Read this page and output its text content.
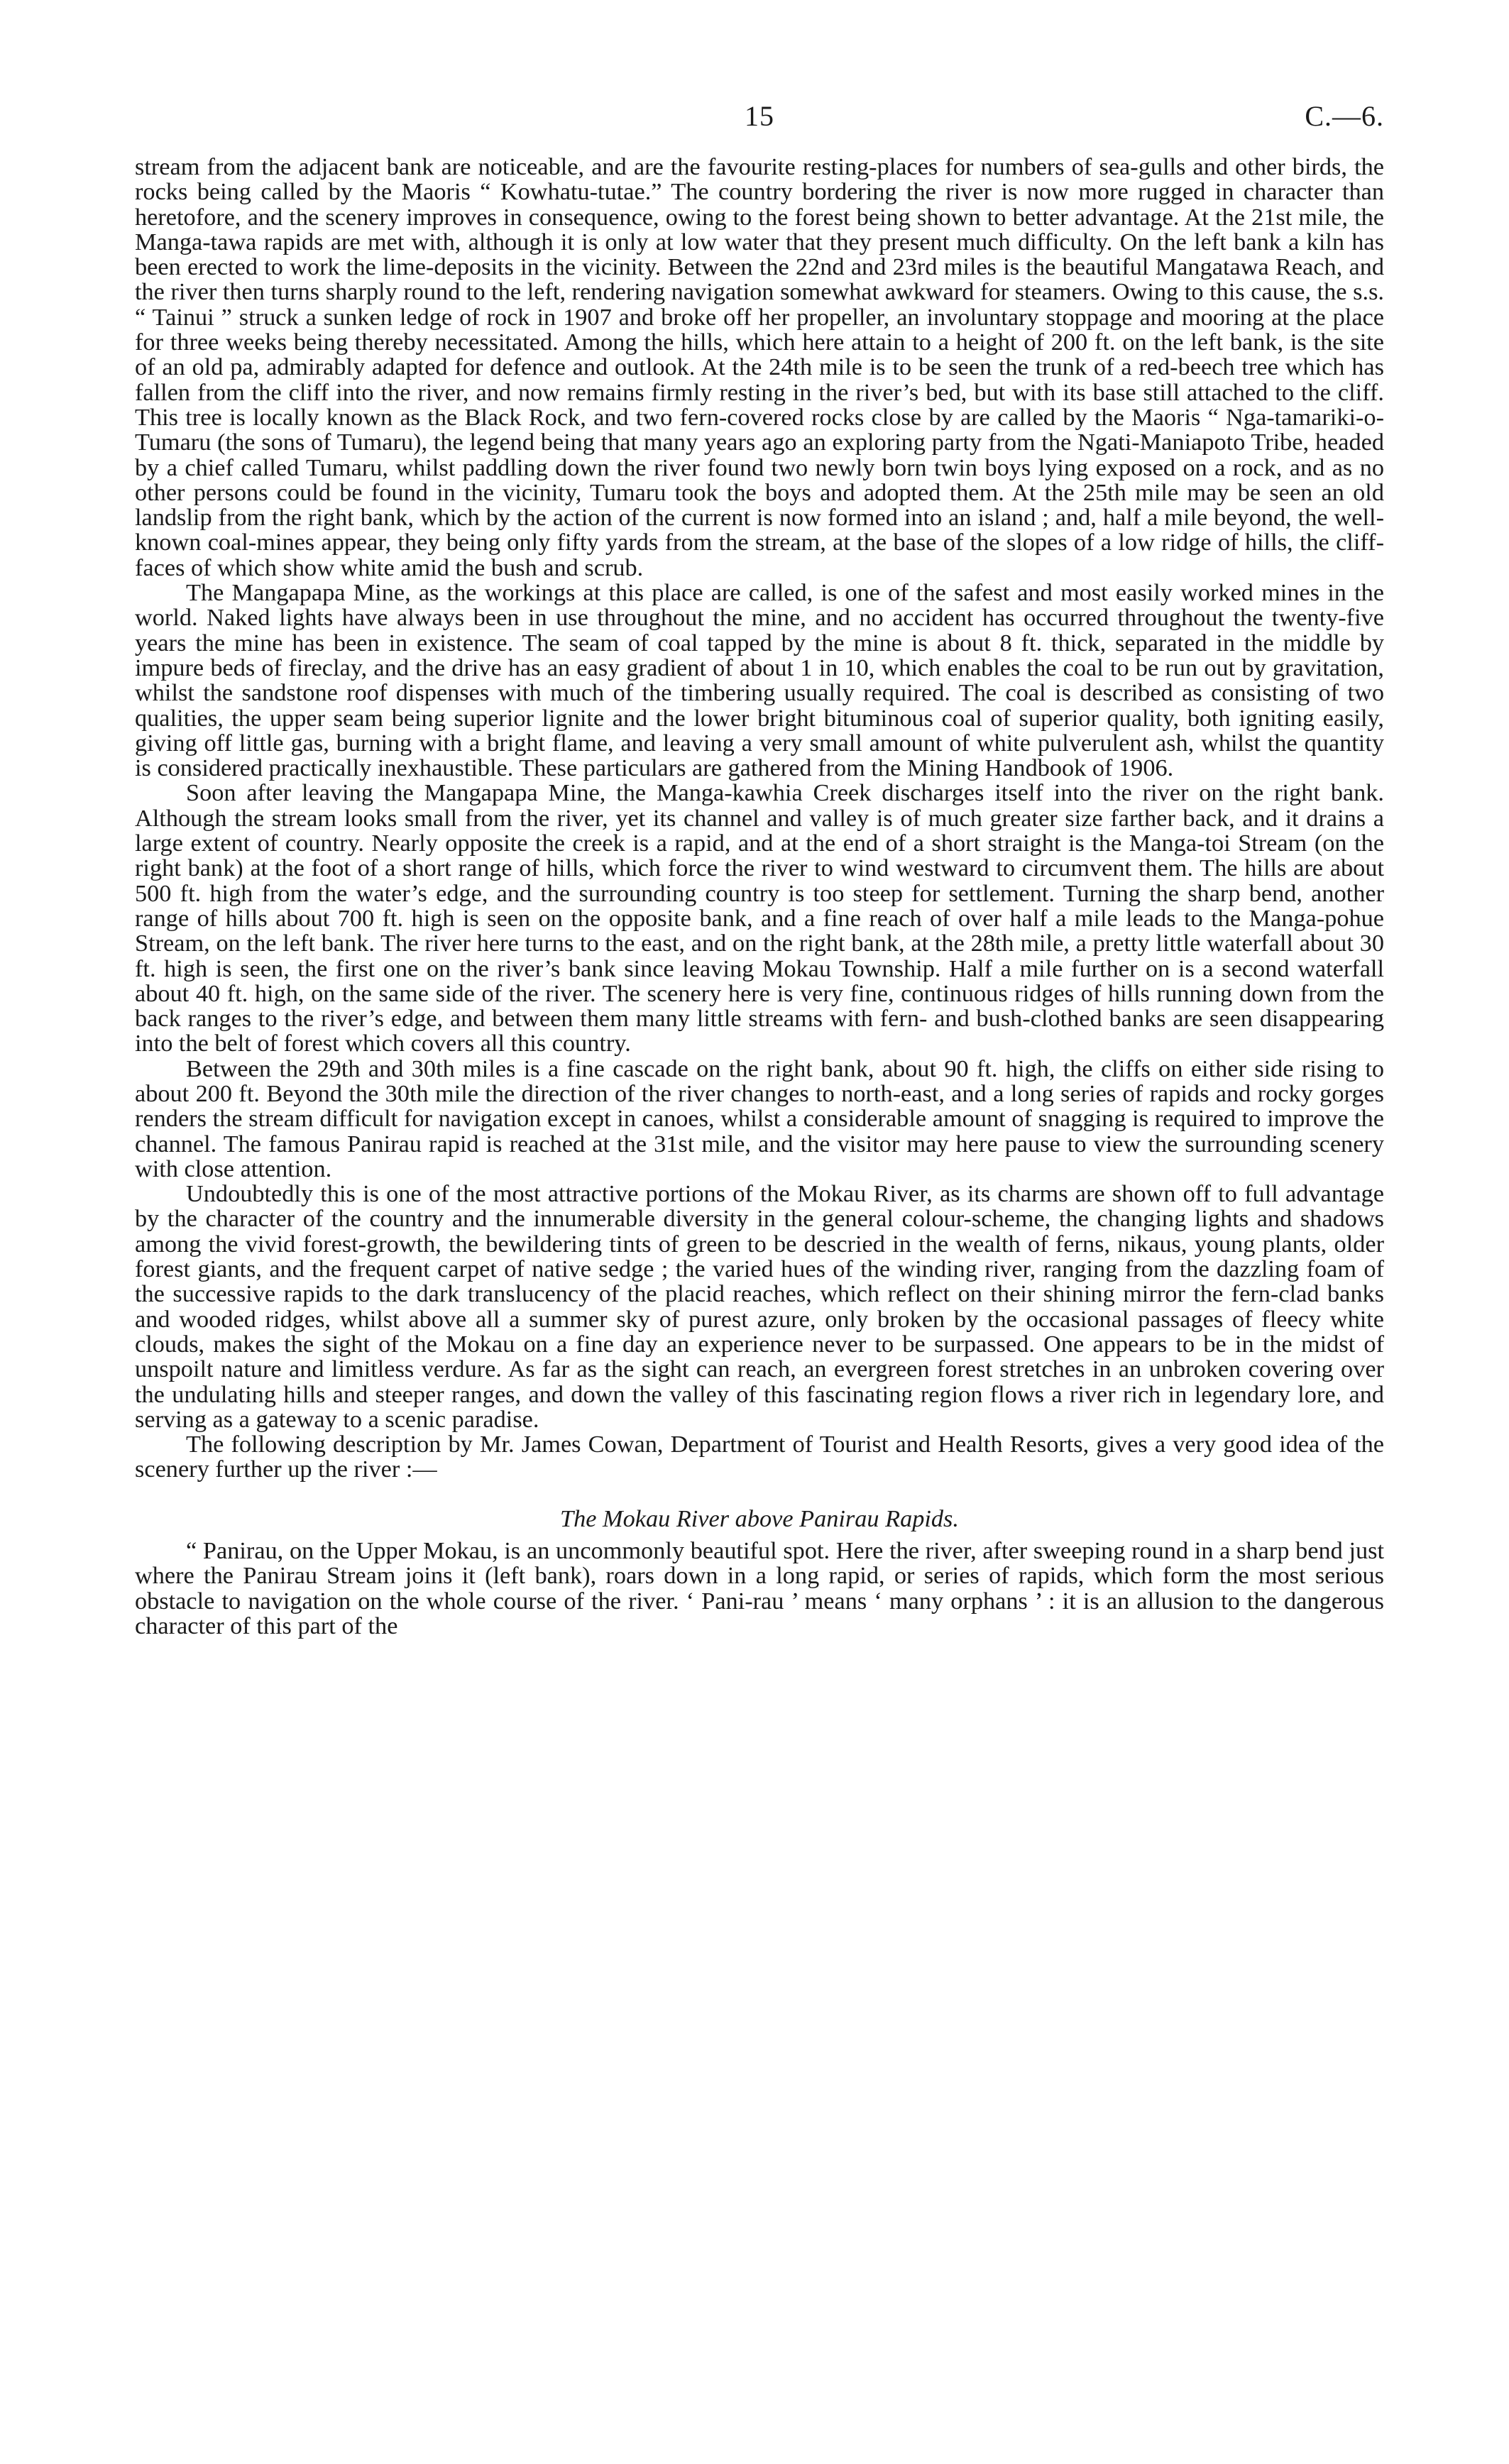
15	C.—6.

stream from the adjacent bank are noticeable, and are the favourite resting-places for numbers of sea-gulls and other birds, the rocks being called by the Maoris “ Kowhatu-tutae.” The country bordering the river is now more rugged in character than heretofore, and the scenery improves in consequence, owing to the forest being shown to better advantage. At the 21st mile, the Manga-tawa rapids are met with, although it is only at low water that they present much difficulty. On the left bank a kiln has been erected to work the lime-deposits in the vicinity. Between the 22nd and 23rd miles is the beautiful Mangatawa Reach, and the river then turns sharply round to the left, rendering navigation somewhat awkward for steamers. Owing to this cause, the s.s. “ Tainui ” struck a sunken ledge of rock in 1907 and broke off her propeller, an involuntary stoppage and mooring at the place for three weeks being thereby necessitated. Among the hills, which here attain to a height of 200 ft. on the left bank, is the site of an old pa, admirably adapted for defence and outlook. At the 24th mile is to be seen the trunk of a red-beech tree which has fallen from the cliff into the river, and now remains firmly resting in the river’s bed, but with its base still attached to the cliff. This tree is locally known as the Black Rock, and two fern-covered rocks close by are called by the Maoris “ Nga-tamariki-o-Tumaru (the sons of Tumaru), the legend being that many years ago an exploring party from the Ngati-Maniapoto Tribe, headed by a chief called Tumaru, whilst paddling down the river found two newly born twin boys lying exposed on a rock, and as no other persons could be found in the vicinity, Tumaru took the boys and adopted them. At the 25th mile may be seen an old landslip from the right bank, which by the action of the current is now formed into an island ; and, half a mile beyond, the well-known coal-mines appear, they being only fifty yards from the stream, at the base of the slopes of a low ridge of hills, the cliff-faces of which show white amid the bush and scrub.

The Mangapapa Mine, as the workings at this place are called, is one of the safest and most easily worked mines in the world. Naked lights have always been in use throughout the mine, and no accident has occurred throughout the twenty-five years the mine has been in existence. The seam of coal tapped by the mine is about 8 ft. thick, separated in the middle by impure beds of fireclay, and the drive has an easy gradient of about 1 in 10, which enables the coal to be run out by gravitation, whilst the sandstone roof dispenses with much of the timbering usually required. The coal is described as consisting of two qualities, the upper seam being superior lignite and the lower bright bituminous coal of superior quality, both igniting easily, giving off little gas, burning with a bright flame, and leaving a very small amount of white pulverulent ash, whilst the quantity is considered practically inexhaustible. These particulars are gathered from the Mining Handbook of 1906.

Soon after leaving the Mangapapa Mine, the Manga-kawhia Creek discharges itself into the river on the right bank. Although the stream looks small from the river, yet its channel and valley is of much greater size farther back, and it drains a large extent of country. Nearly opposite the creek is a rapid, and at the end of a short straight is the Manga-toi Stream (on the right bank) at the foot of a short range of hills, which force the river to wind westward to circumvent them. The hills are about 500 ft. high from the water’s edge, and the surrounding country is too steep for settlement. Turning the sharp bend, another range of hills about 700 ft. high is seen on the opposite bank, and a fine reach of over half a mile leads to the Manga-pohue Stream, on the left bank. The river here turns to the east, and on the right bank, at the 28th mile, a pretty little waterfall about 30 ft. high is seen, the first one on the river’s bank since leaving Mokau Township. Half a mile further on is a second waterfall about 40 ft. high, on the same side of the river. The scenery here is very fine, continuous ridges of hills running down from the back ranges to the river’s edge, and between them many little streams with fern- and bush-clothed banks are seen disappearing into the belt of forest which covers all this country.

Between the 29th and 30th miles is a fine cascade on the right bank, about 90 ft. high, the cliffs on either side rising to about 200 ft. Beyond the 30th mile the direction of the river changes to north-east, and a long series of rapids and rocky gorges renders the stream difficult for navigation except in canoes, whilst a considerable amount of snagging is required to improve the channel. The famous Panirau rapid is reached at the 31st mile, and the visitor may here pause to view the surrounding scenery with close attention.

Undoubtedly this is one of the most attractive portions of the Mokau River, as its charms are shown off to full advantage by the character of the country and the innumerable diversity in the general colour-scheme, the changing lights and shadows among the vivid forest-growth, the bewildering tints of green to be descried in the wealth of ferns, nikaus, young plants, older forest giants, and the frequent carpet of native sedge ; the varied hues of the winding river, ranging from the dazzling foam of the successive rapids to the dark translucency of the placid reaches, which reflect on their shining mirror the fern-clad banks and wooded ridges, whilst above all a summer sky of purest azure, only broken by the occasional passages of fleecy white clouds, makes the sight of the Mokau on a fine day an experience never to be surpassed. One appears to be in the midst of unspoilt nature and limitless verdure. As far as the sight can reach, an evergreen forest stretches in an unbroken covering over the undulating hills and steeper ranges, and down the valley of this fascinating region flows a river rich in legendary lore, and serving as a gateway to a scenic paradise.

The following description by Mr. James Cowan, Department of Tourist and Health Resorts, gives a very good idea of the scenery further up the river :—

The Mokau River above Panirau Rapids.

“ Panirau, on the Upper Mokau, is an uncommonly beautiful spot. Here the river, after sweeping round in a sharp bend just where the Panirau Stream joins it (left bank), roars down in a long rapid, or series of rapids, which form the most serious obstacle to navigation on the whole course of the river. ‘ Pani-rau ’ means ‘ many orphans ’ : it is an allusion to the dangerous character of this part of the
